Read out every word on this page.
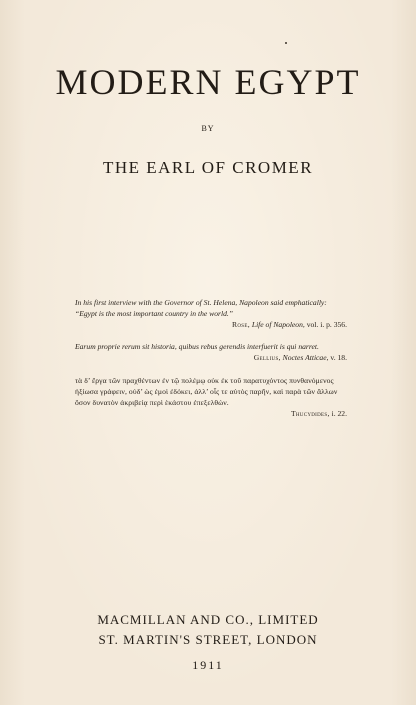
MODERN EGYPT
BY
THE EARL OF CROMER

In his first interview with the Governor of St. Helena, Napoleon said emphatically: “Egypt is the most important country in the world.”

Rose, Life of Napoleon, vol. i. p. 356.

Earum proprie rerum sit historia, quibus rebus gerendis interfuerit is qui narret.

Gellius, Noctes Atticae, v. 18.

τὰ δ’ ἔργα τῶν πραχθέντων ἐν τῷ πολέμῳ οὐκ ἐκ τοῦ παρατυχόντος πυνθανόμενος ἠξίωσα γράφειν, οὐδ’ ὡς ἐμοὶ ἐδόκει, ἀλλ’ οἷς τε αὐτὸς παρῆν, καὶ παρὰ τῶν ἄλλων ὅσον δυνατὸν ἀκριβείᾳ περὶ ἑκάστου ἐπεξελθών.

Thucydides, i. 22.

MACMILLAN AND CO., LIMITED
ST. MARTIN'S STREET, LONDON
1911
